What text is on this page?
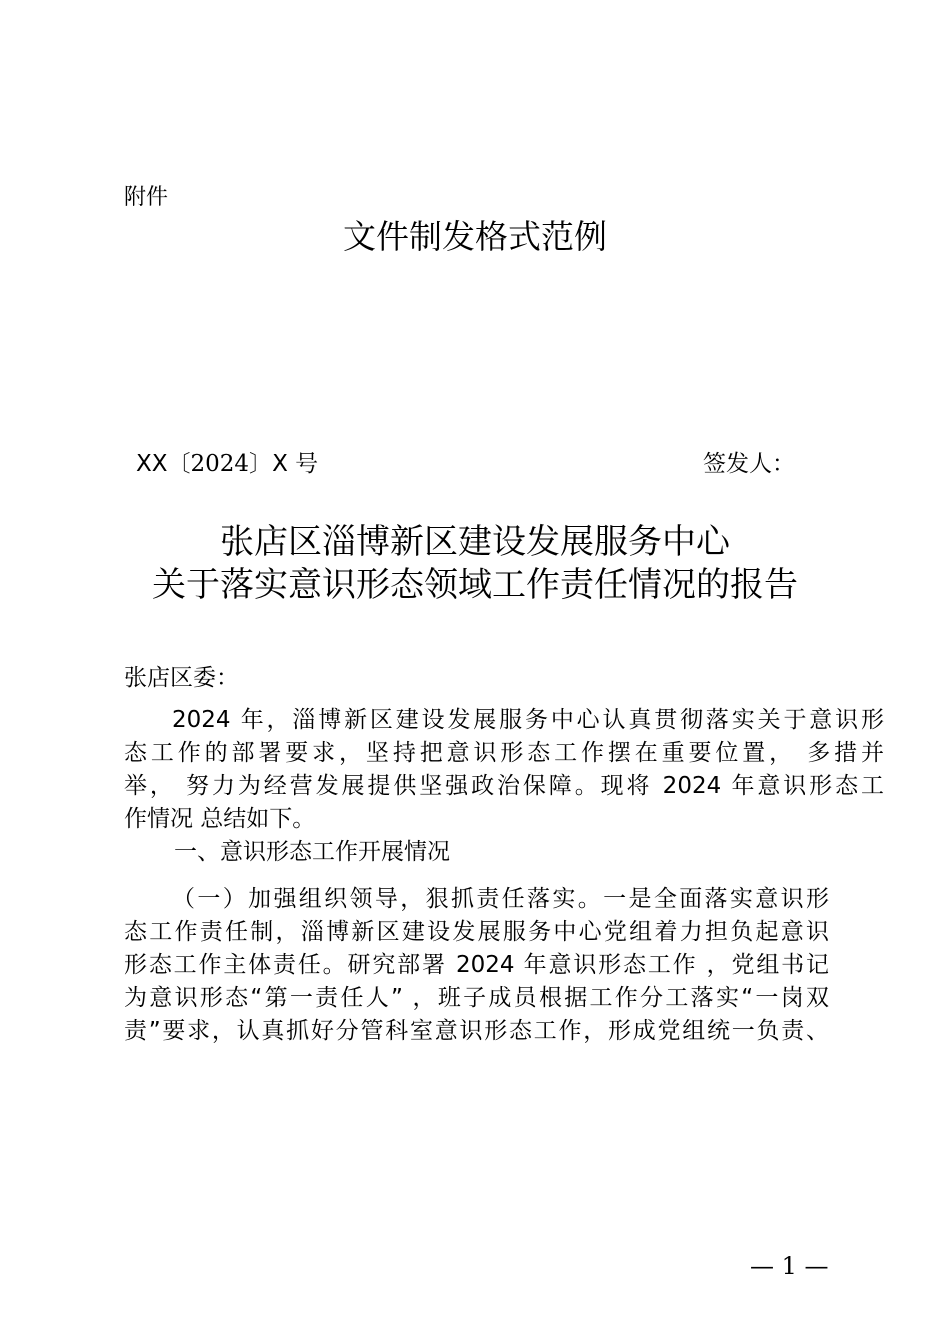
附件
文件制发格式范例
XX〔2024〕X 号	签发人：
张店区淄博新区建设发展服务中心
关于落实意识形态领域工作责任情况的报告
张店区委：
2024 年，淄博新区建设发展服务中心认真贯彻落实关于意识形
态工作的部署要求，坚持把意识形态工作摆在重要位置， 多措并
举， 努力为经营发展提供坚强政治保障。现将 2024 年意识形态工
作情况 总结如下。
一、意识形态工作开展情况
（一）加强组织领导，狠抓责任落实。一是全面落实意识形
态工作责任制，淄博新区建设发展服务中心党组着力担负起意识
形态工作主体责任。研究部署 2024 年意识形态工作 ，党组书记
为意识形态“第一责任人” ，班子成员根据工作分工落实“一岗双
责”要求，认真抓好分管科室意识形态工作，形成党组统一负责、
— 1 —
